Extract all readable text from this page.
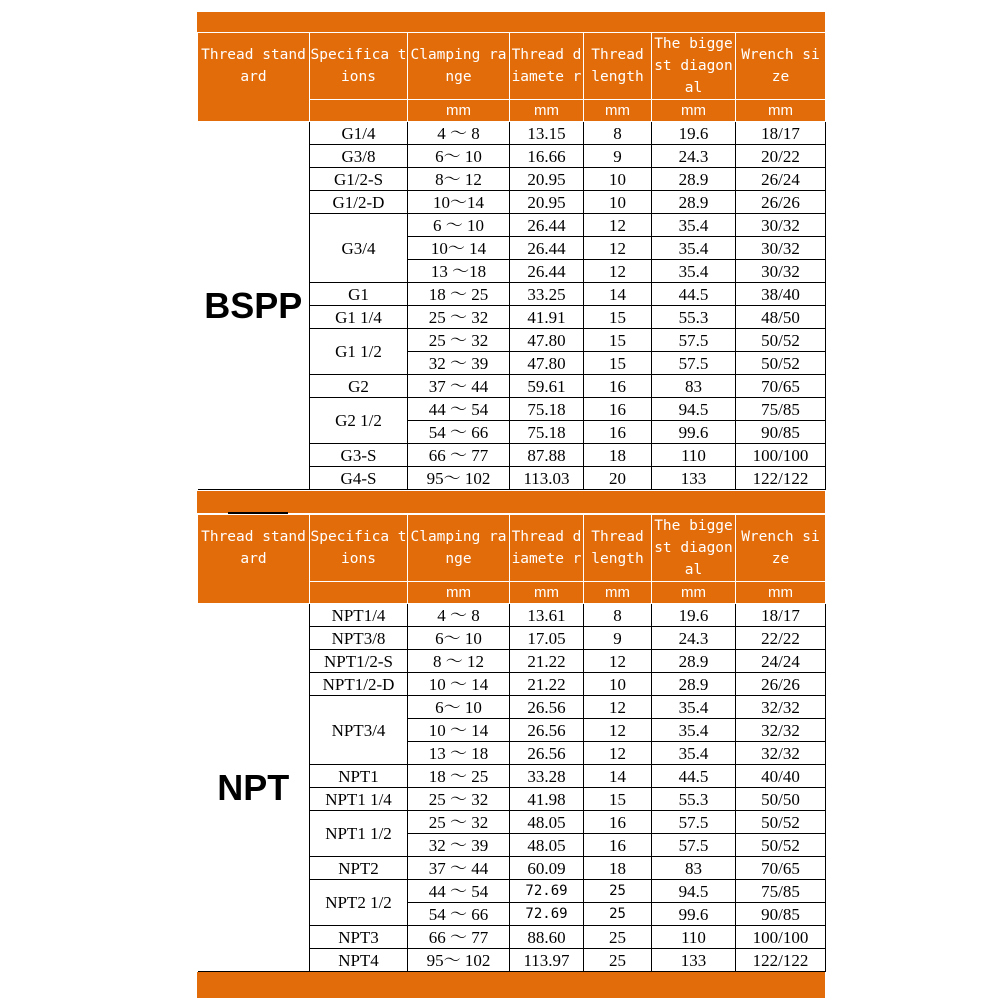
Thread standard	Specifica tions	Clamping ra nge	Thread diamete r	Thread length	The biggest diagonal	Wrench si ze
		mm	mm	mm	mm	mm
BSPP	G1/4	4 ～ 8	13.15	8	19.6	18/17
	G3/8	6～ 10	16.66	9	24.3	20/22
	G1/2-S	8～ 12	20.95	10	28.9	26/24
	G1/2-D	10～14	20.95	10	28.9	26/26
	G3/4	6 ～ 10	26.44	12	35.4	30/32
		10～ 14	26.44	12	35.4	30/32
		13 ～18	26.44	12	35.4	30/32
	G1	18 ～ 25	33.25	14	44.5	38/40
	G1 1/4	25 ～ 32	41.91	15	55.3	48/50
	G1 1/2	25 ～ 32	47.80	15	57.5	50/52
		32 ～ 39	47.80	15	57.5	50/52
	G2	37 ～ 44	59.61	16	83	70/65
	G2 1/2	44 ～ 54	75.18	16	94.5	75/85
		54 ～ 66	75.18	16	99.6	90/85
	G3-S	66 ～ 77	87.88	18	110	100/100
	G4-S	95～ 102	113.03	20	133	122/122
Thread standard	Specifica tions	Clamping ra nge	Thread diamete r	Thread length	The biggest diagonal	Wrench si ze
		mm	mm	mm	mm	mm
NPT	NPT1/4	4 ～ 8	13.61	8	19.6	18/17
	NPT3/8	6～ 10	17.05	9	24.3	22/22
	NPT1/2-S	8 ～ 12	21.22	12	28.9	24/24
	NPT1/2-D	10 ～ 14	21.22	10	28.9	26/26
	NPT3/4	6～ 10	26.56	12	35.4	32/32
		10 ～ 14	26.56	12	35.4	32/32
		13 ～ 18	26.56	12	35.4	32/32
	NPT1	18 ～ 25	33.28	14	44.5	40/40
	NPT1 1/4	25 ～ 32	41.98	15	55.3	50/50
	NPT1 1/2	25 ～ 32	48.05	16	57.5	50/52
		32 ～ 39	48.05	16	57.5	50/52
	NPT2	37 ～ 44	60.09	18	83	70/65
	NPT2 1/2	44 ～ 54	72.69	25	94.5	75/85
		54 ～ 66	72.69	25	99.6	90/85
	NPT3	66 ～ 77	88.60	25	110	100/100
	NPT4	95～ 102	113.97	25	133	122/122
